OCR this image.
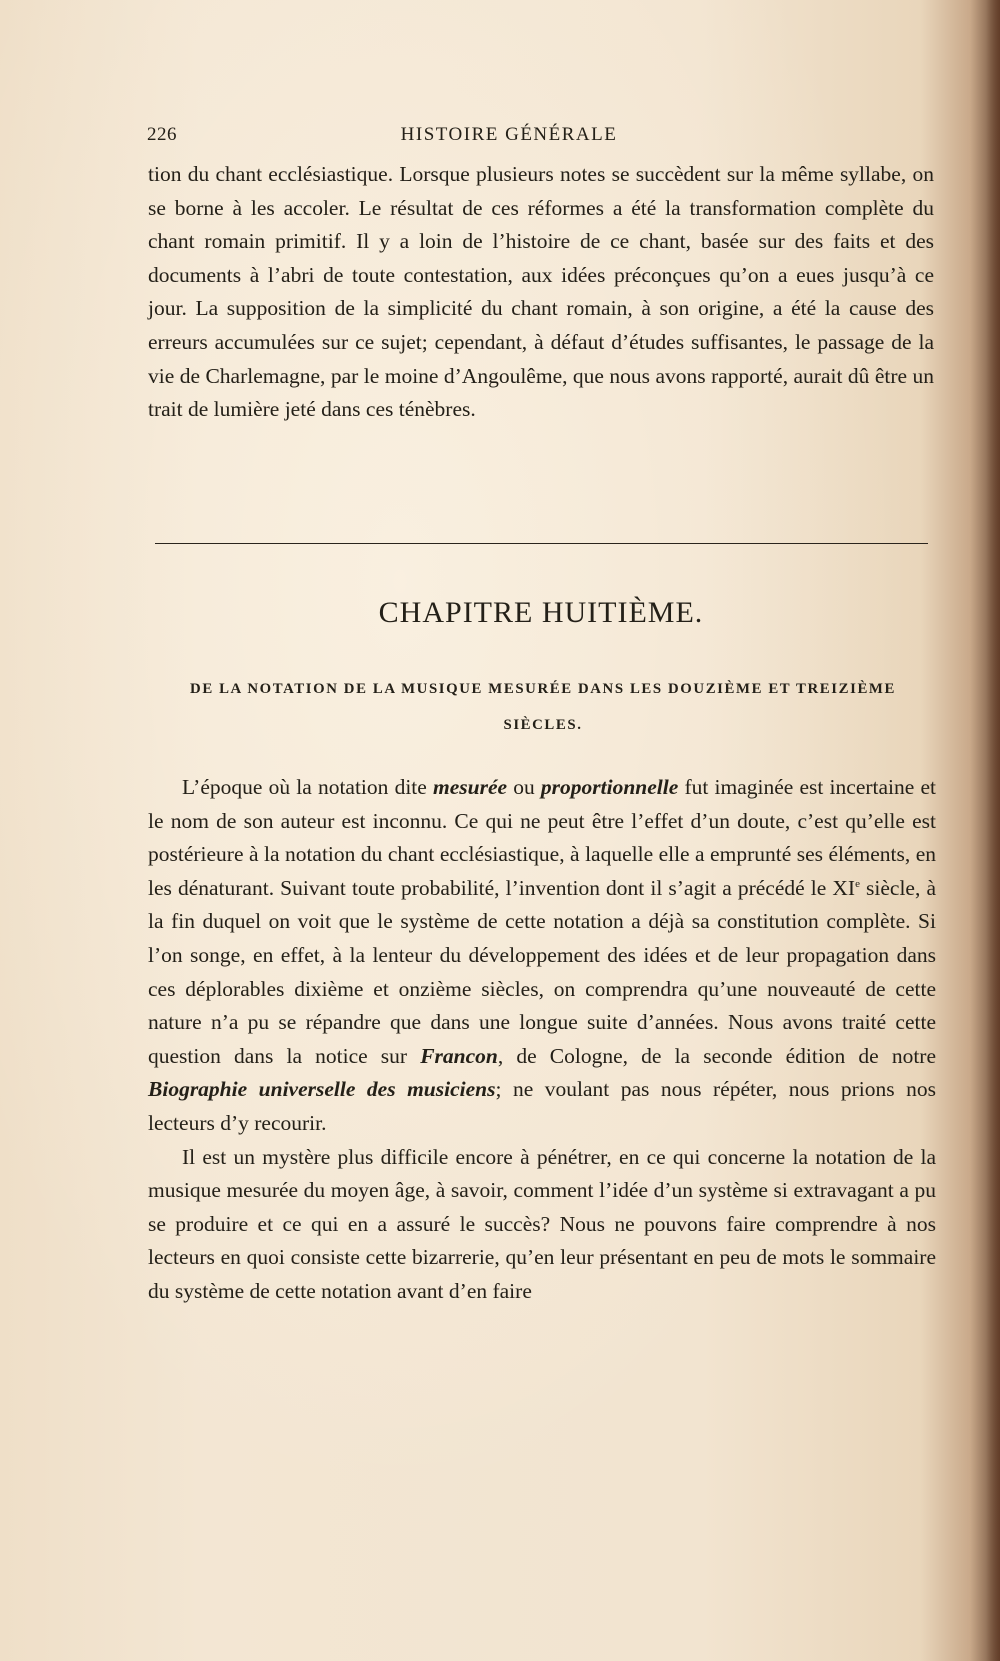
226	HISTOIRE GÉNÉRALE

tion du chant ecclésiastique. Lorsque plusieurs notes se succèdent sur la même syllabe, on se borne à les accoler. Le résultat de ces réformes a été la transformation complète du chant romain primitif. Il y a loin de l’histoire de ce chant, basée sur des faits et des documents à l’abri de toute contestation, aux idées préconçues qu’on a eues jusqu’à ce jour. La supposition de la simplicité du chant romain, à son origine, a été la cause des erreurs accumulées sur ce sujet; cependant, à défaut d’études suffisantes, le passage de la vie de Charlemagne, par le moine d’Angoulême, que nous avons rapporté, aurait dû être un trait de lumière jeté dans ces ténèbres.

CHAPITRE HUITIÈME.
DE LA NOTATION DE LA MUSIQUE MESURÉE DANS LES DOUZIÈME ET TREIZIÈME SIÈCLES.

L’époque où la notation dite mesurée ou proportionnelle fut imaginée est incertaine et le nom de son auteur est inconnu. Ce qui ne peut être l’effet d’un doute, c’est qu’elle est postérieure à la notation du chant ecclésiastique, à laquelle elle a emprunté ses éléments, en les dénaturant. Suivant toute probabilité, l’invention dont il s’agit a précédé le XIe siècle, à la fin duquel on voit que le système de cette notation a déjà sa constitution complète. Si l’on songe, en effet, à la lenteur du développement des idées et de leur propagation dans ces déplorables dixième et onzième siècles, on comprendra qu’une nouveauté de cette nature n’a pu se répandre que dans une longue suite d’années. Nous avons traité cette question dans la notice sur Francon, de Cologne, de la seconde édition de notre Biographie universelle des musiciens; ne voulant pas nous répéter, nous prions nos lecteurs d’y recourir.

Il est un mystère plus difficile encore à pénétrer, en ce qui concerne la notation de la musique mesurée du moyen âge, à savoir, comment l’idée d’un système si extravagant a pu se produire et ce qui en a assuré le succès? Nous ne pouvons faire comprendre à nos lecteurs en quoi consiste cette bizarrerie, qu’en leur présentant en peu de mots le sommaire du système de cette notation avant d’en faire
